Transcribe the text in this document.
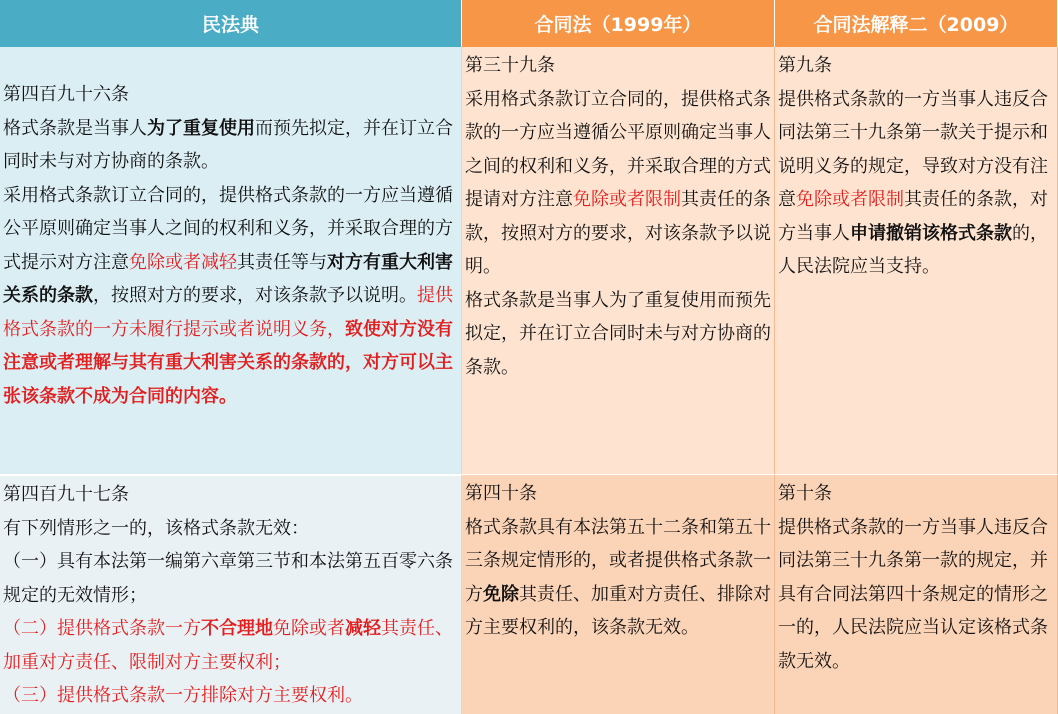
民法典	合同法（1999年）	合同法解释二（2009）

第四百九十六条

格式条款是当事人为了重复使用而预先拟定，并在订立合同时未与对方协商的条款。

采用格式条款订立合同的，提供格式条款的一方应当遵循公平原则确定当事人之间的权利和义务，并采取合理的方式提示对方注意免除或者减轻其责任等与对方有重大利害关系的条款，按照对方的要求，对该条款予以说明。提供格式条款的一方未履行提示或者说明义务，致使对方没有注意或者理解与其有重大利害关系的条款的，对方可以主张该条款不成为合同的内容。

第三十九条

采用格式条款订立合同的，提供格式条款的一方应当遵循公平原则确定当事人之间的权利和义务，并采取合理的方式提请对方注意免除或者限制其责任的条款，按照对方的要求，对该条款予以说明。

格式条款是当事人为了重复使用而预先拟定，并在订立合同时未与对方协商的条款。

第九条

提供格式条款的一方当事人违反合同法第三十九条第一款关于提示和说明义务的规定，导致对方没有注意免除或者限制其责任的条款，对方当事人申请撤销该格式条款的，人民法院应当支持。

第四百九十七条

有下列情形之一的，该格式条款无效：

（一）具有本法第一编第六章第三节和本法第五百零六条规定的无效情形；

（二）提供格式条款一方不合理地免除或者减轻其责任、加重对方责任、限制对方主要权利；

（三）提供格式条款一方排除对方主要权利。

第四十条

格式条款具有本法第五十二条和第五十三条规定情形的，或者提供格式条款一方免除其责任、加重对方责任、排除对方主要权利的，该条款无效。

第十条

提供格式条款的一方当事人违反合同法第三十九条第一款的规定，并具有合同法第四十条规定的情形之一的，人民法院应当认定该格式条款无效。
